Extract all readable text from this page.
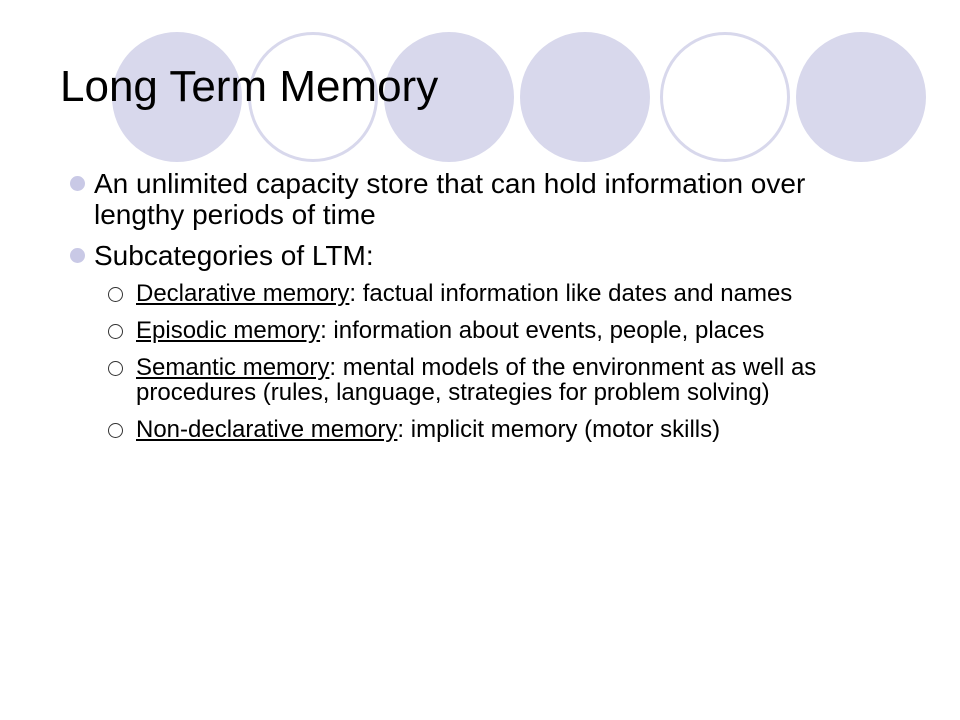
Long Term Memory
An unlimited capacity store that can hold information over lengthy periods of time
Subcategories of LTM:
Declarative memory: factual information like dates and names
Episodic memory: information about events, people, places
Semantic memory: mental models of the environment as well as procedures (rules, language, strategies for problem solving)
Non-declarative memory: implicit memory (motor skills)
